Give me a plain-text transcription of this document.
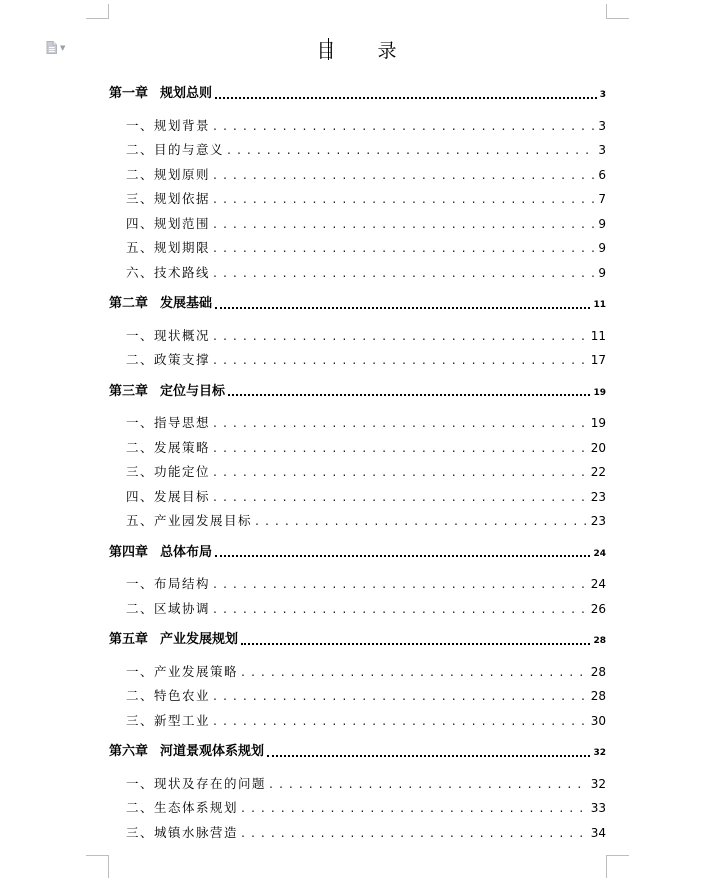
▼	目 录
第一章 规划总则	3
一、规划背景 . . .	3
二、目的与意义 . . .	3
二、规划原则 . . .	6
三、规划依据 . . .	7
四、规划范围 . . .	9
五、规划期限 . . .	9
六、技术路线 . . .	9
第二章 发展基础	11
一、现状概况 . . .	11
二、政策支撑 . . .	17
第三章 定位与目标	19
一、指导思想 . . .	19
二、发展策略 . . .	20
三、功能定位 . . .	22
四、发展目标 . . .	23
五、产业园发展目标 . . .	23
第四章 总体布局	24
一、布局结构 . . .	24
二、区域协调 . . .	26
第五章 产业发展规划	28
一、产业发展策略 . . .	28
二、特色农业 . . .	28
三、新型工业 . . .	30
第六章 河道景观体系规划	32
一、现状及存在的问题 . . .	32
二、生态体系规划 . . .	33
三、城镇水脉营造 . . .	34
